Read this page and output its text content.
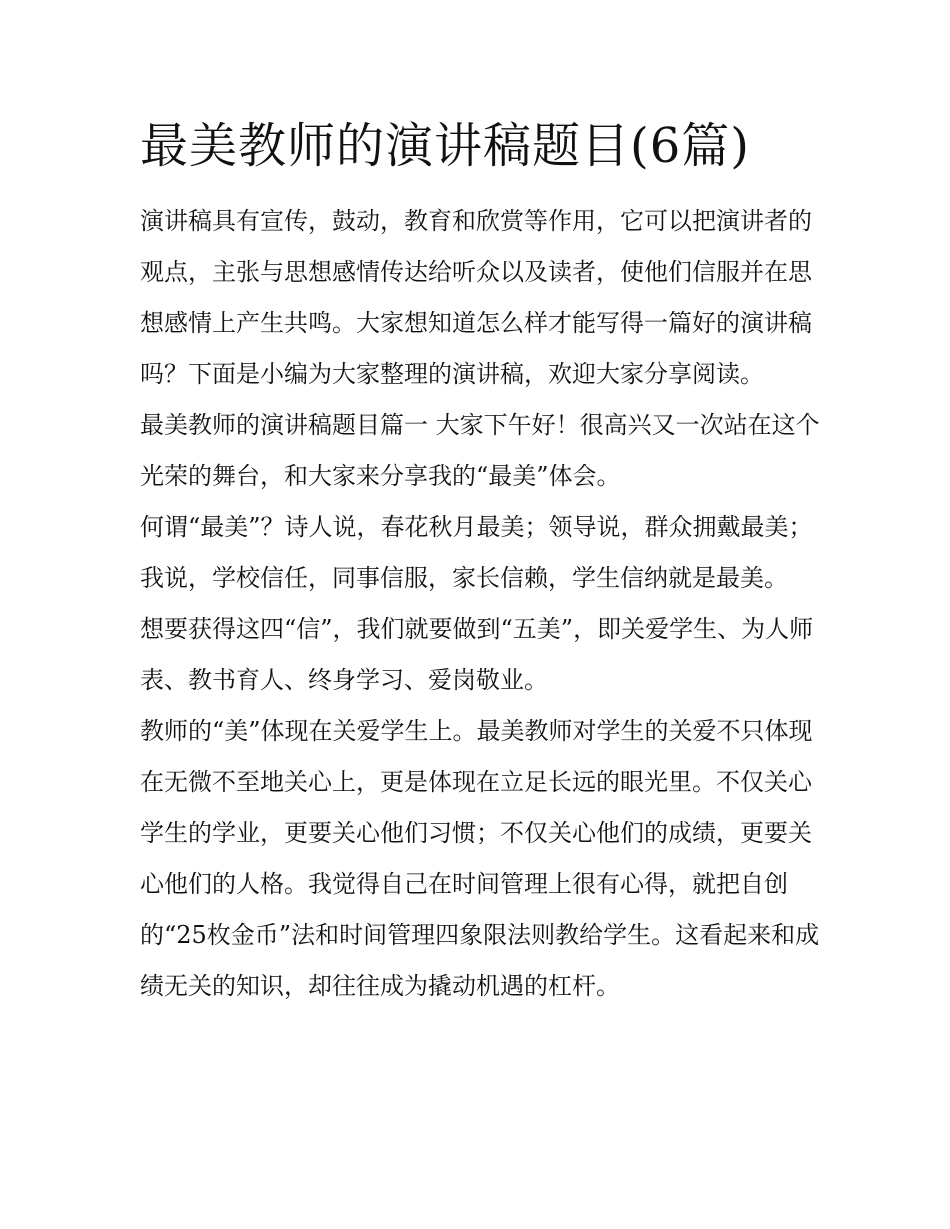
最美教师的演讲稿题目(6篇)

演讲稿具有宣传，鼓动，教育和欣赏等作用，它可以把演讲者的观点，主张与思想感情传达给听众以及读者，使他们信服并在思想感情上产生共鸣。大家想知道怎么样才能写得一篇好的演讲稿吗？下面是小编为大家整理的演讲稿，欢迎大家分享阅读。

最美教师的演讲稿题目篇一 大家下午好！很高兴又一次站在这个光荣的舞台，和大家来分享我的“最美”体会。

何谓“最美”？诗人说，春花秋月最美；领导说，群众拥戴最美；我说，学校信任，同事信服，家长信赖，学生信纳就是最美。

想要获得这四“信”，我们就要做到“五美”，即关爱学生、为人师表、教书育人、终身学习、爱岗敬业。

教师的“美”体现在关爱学生上。最美教师对学生的关爱不只体现在无微不至地关心上，更是体现在立足长远的眼光里。不仅关心学生的学业，更要关心他们习惯；不仅关心他们的成绩，更要关心他们的人格。我觉得自己在时间管理上很有心得，就把自创的“25枚金币”法和时间管理四象限法则教给学生。这看起来和成绩无关的知识，却往往成为撬动机遇的杠杆。
